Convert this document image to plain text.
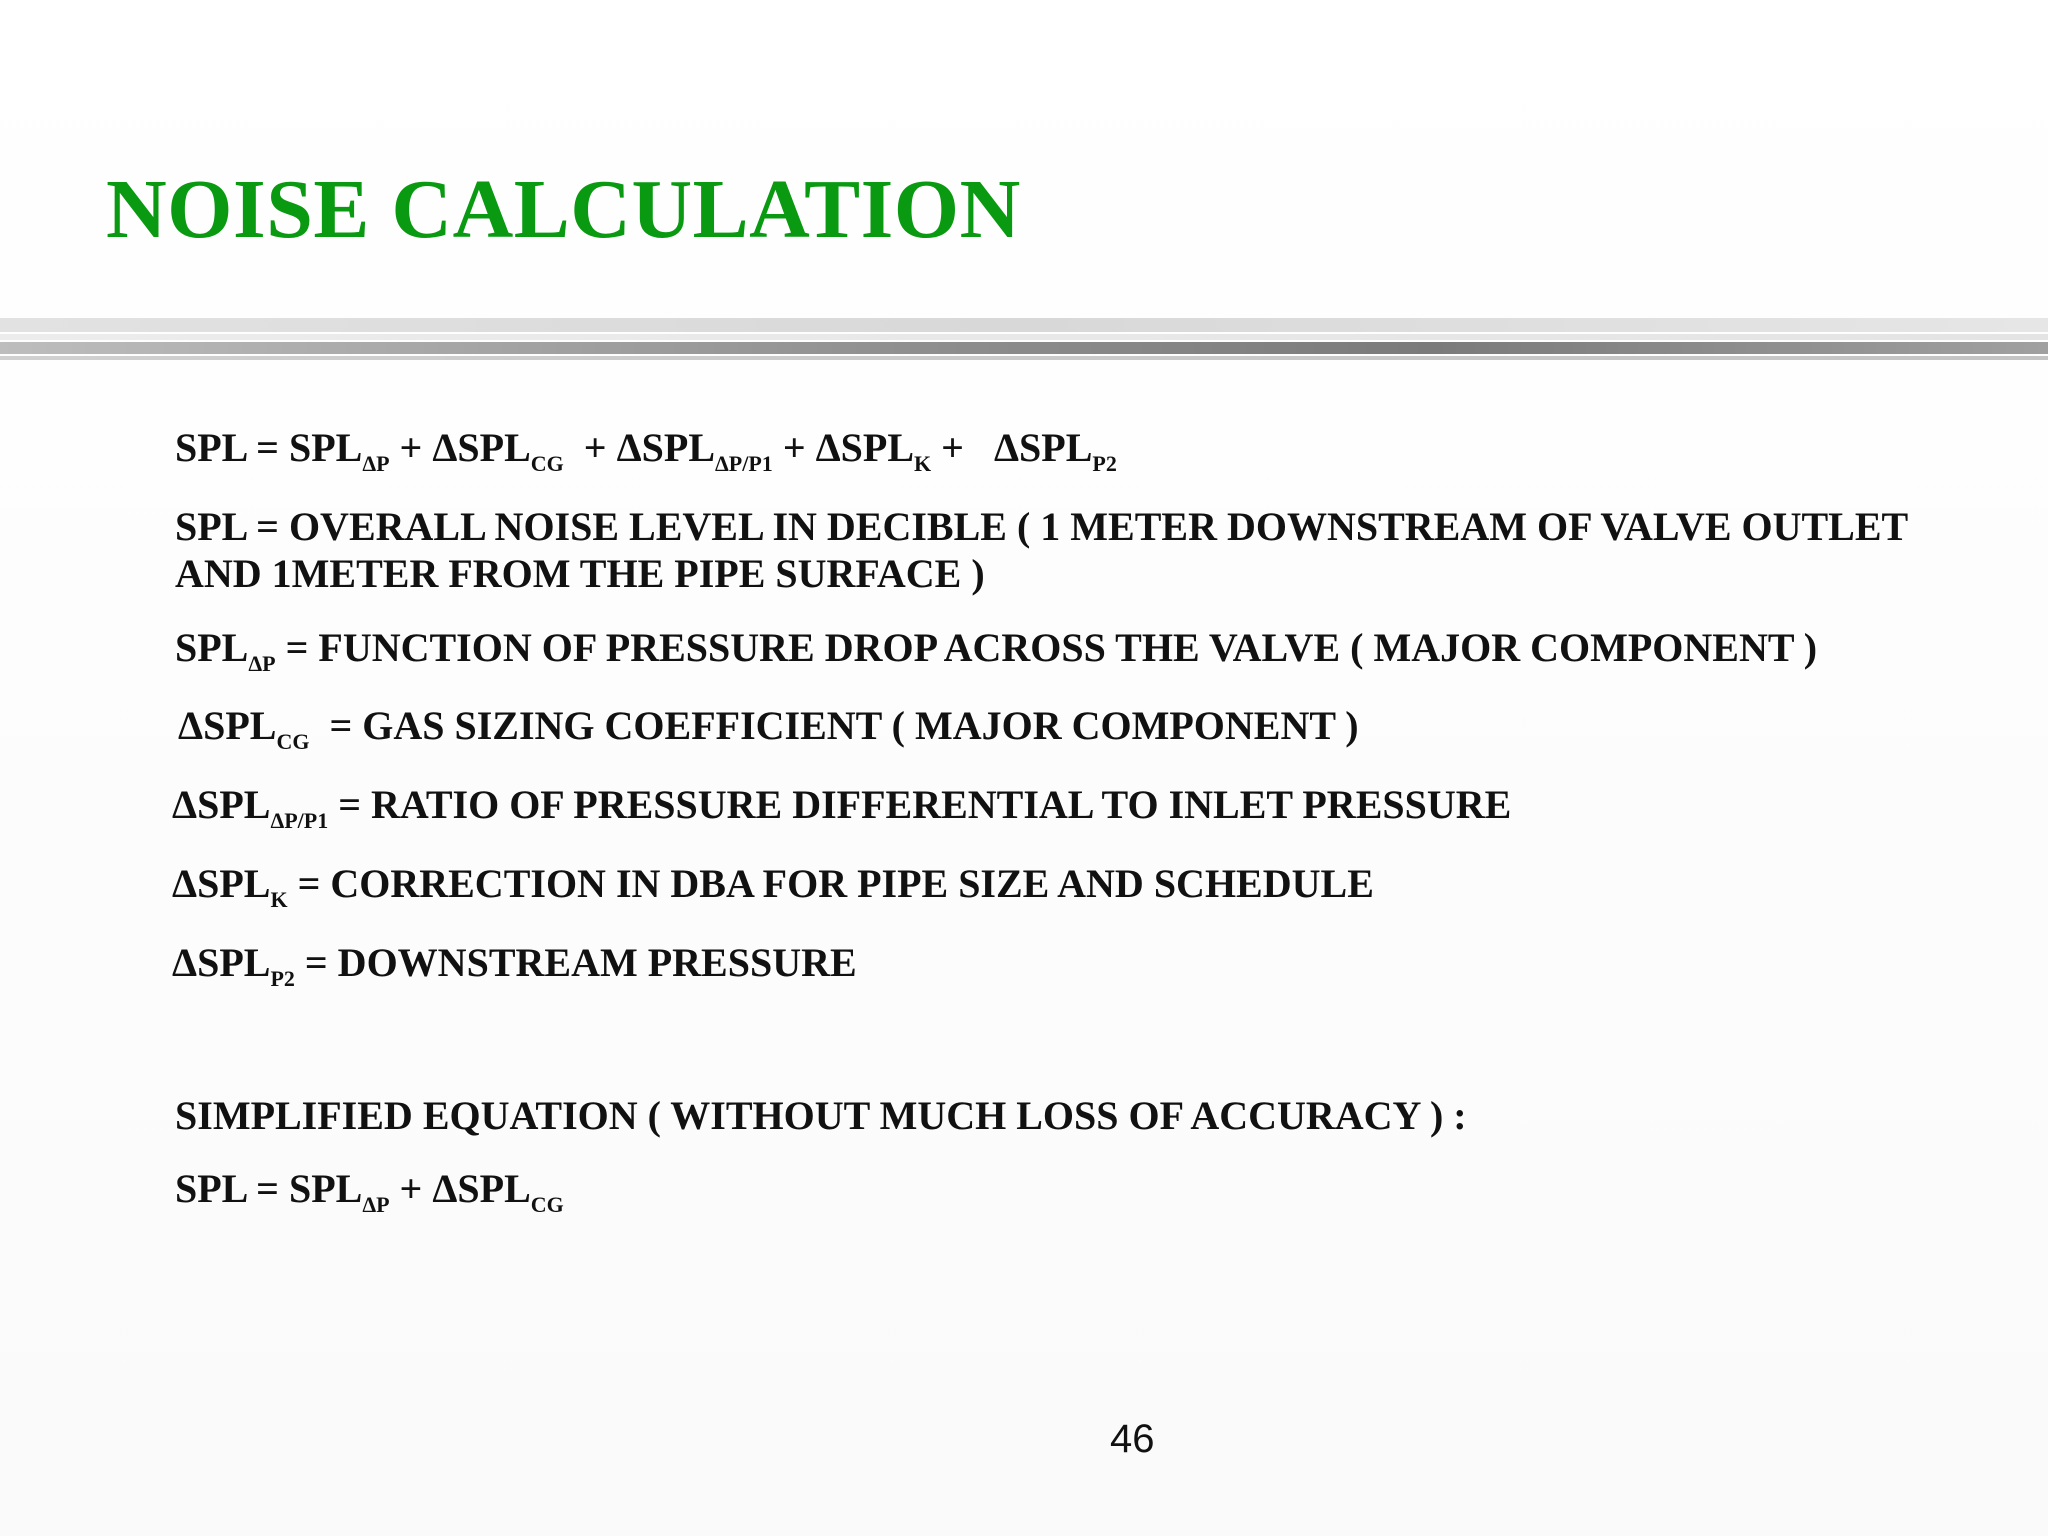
NOISE CALCULATION
SPL = $SPL_{\Delta P} + \Delta SPL_{CG} + \Delta SPL_{\Delta P/P1} + \Delta SPL_K + \Delta SPL_{P2}$
SPL = OVERALL NOISE LEVEL IN DECIBLE ( 1 METER DOWNSTREAM OF VALVE OUTLET
AND 1METER FROM THE PIPE SURFACE )
$SPL_{\Delta P}$ = FUNCTION OF PRESSURE DROP ACROSS THE VALVE ( MAJOR COMPONENT )
$\Delta SPL_{CG}$  = GAS SIZING COEFFICIENT ( MAJOR COMPONENT )
$\Delta SPL_{\Delta P/P1}$ = RATIO OF PRESSURE DIFFERENTIAL TO INLET PRESSURE
$\Delta SPL_K$ = CORRECTION IN DBA FOR PIPE SIZE AND SCHEDULE
$\Delta SPL_{P2}$ = DOWNSTREAM PRESSURE
SIMPLIFIED EQUATION ( WITHOUT MUCH LOSS OF ACCURACY ) :
SPL = $SPL_{\Delta P} + \Delta SPL_{CG}$
46
